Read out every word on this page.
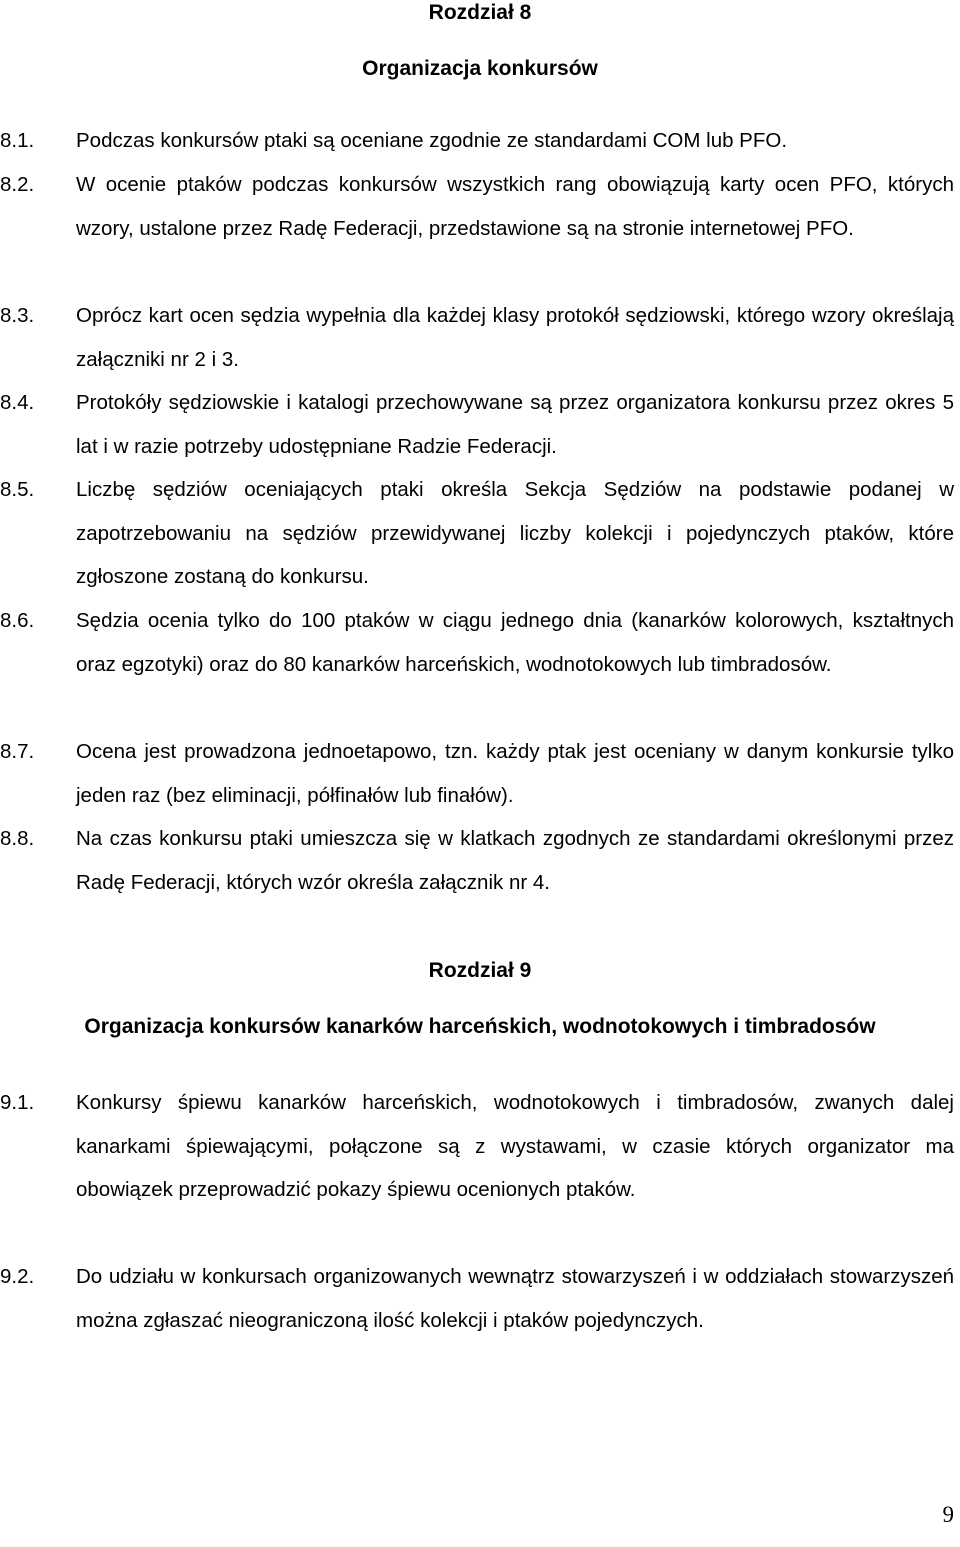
Rozdział 8
Organizacja konkursów
8.1.	Podczas konkursów ptaki są oceniane zgodnie ze standardami COM lub PFO.
8.2.	W ocenie ptaków podczas konkursów wszystkich rang obowiązują karty ocen PFO, których wzory, ustalone przez Radę Federacji, przedstawione są na stronie internetowej PFO.
8.3.	Oprócz kart ocen sędzia wypełnia dla każdej klasy protokół sędziowski, którego wzory określają załączniki nr 2 i 3.
8.4.	Protokóły sędziowskie i katalogi przechowywane są przez organizatora konkursu przez okres 5 lat i w razie potrzeby udostępniane Radzie Federacji.
8.5.	Liczbę sędziów oceniających ptaki określa Sekcja Sędziów na podstawie podanej w zapotrzebowaniu na sędziów przewidywanej liczby kolekcji i pojedynczych ptaków, które zgłoszone zostaną do konkursu.
8.6.	Sędzia ocenia tylko do 100 ptaków w ciągu jednego dnia (kanarków kolorowych, kształtnych oraz egzotyki) oraz do 80 kanarków harceńskich, wodnotokowych lub timbradosów.
8.7.	Ocena jest prowadzona jednoetapowo, tzn. każdy ptak jest oceniany w danym konkursie tylko jeden raz (bez eliminacji, półfinałów lub finałów).
8.8.	Na czas konkursu ptaki umieszcza się w klatkach zgodnych ze standardami określonymi przez Radę Federacji, których wzór określa załącznik nr 4.
Rozdział 9
Organizacja konkursów kanarków harceńskich, wodnotokowych i timbradosów
9.1.	Konkursy śpiewu kanarków harceńskich, wodnotokowych i timbradosów, zwanych dalej kanarkami śpiewającymi, połączone są z wystawami, w czasie których organizator ma obowiązek przeprowadzić pokazy śpiewu ocenionych ptaków.
9.2.	Do udziału w konkursach organizowanych wewnątrz stowarzyszeń i w oddziałach stowarzyszeń można zgłaszać nieograniczoną ilość kolekcji i ptaków pojedynczych.
9
